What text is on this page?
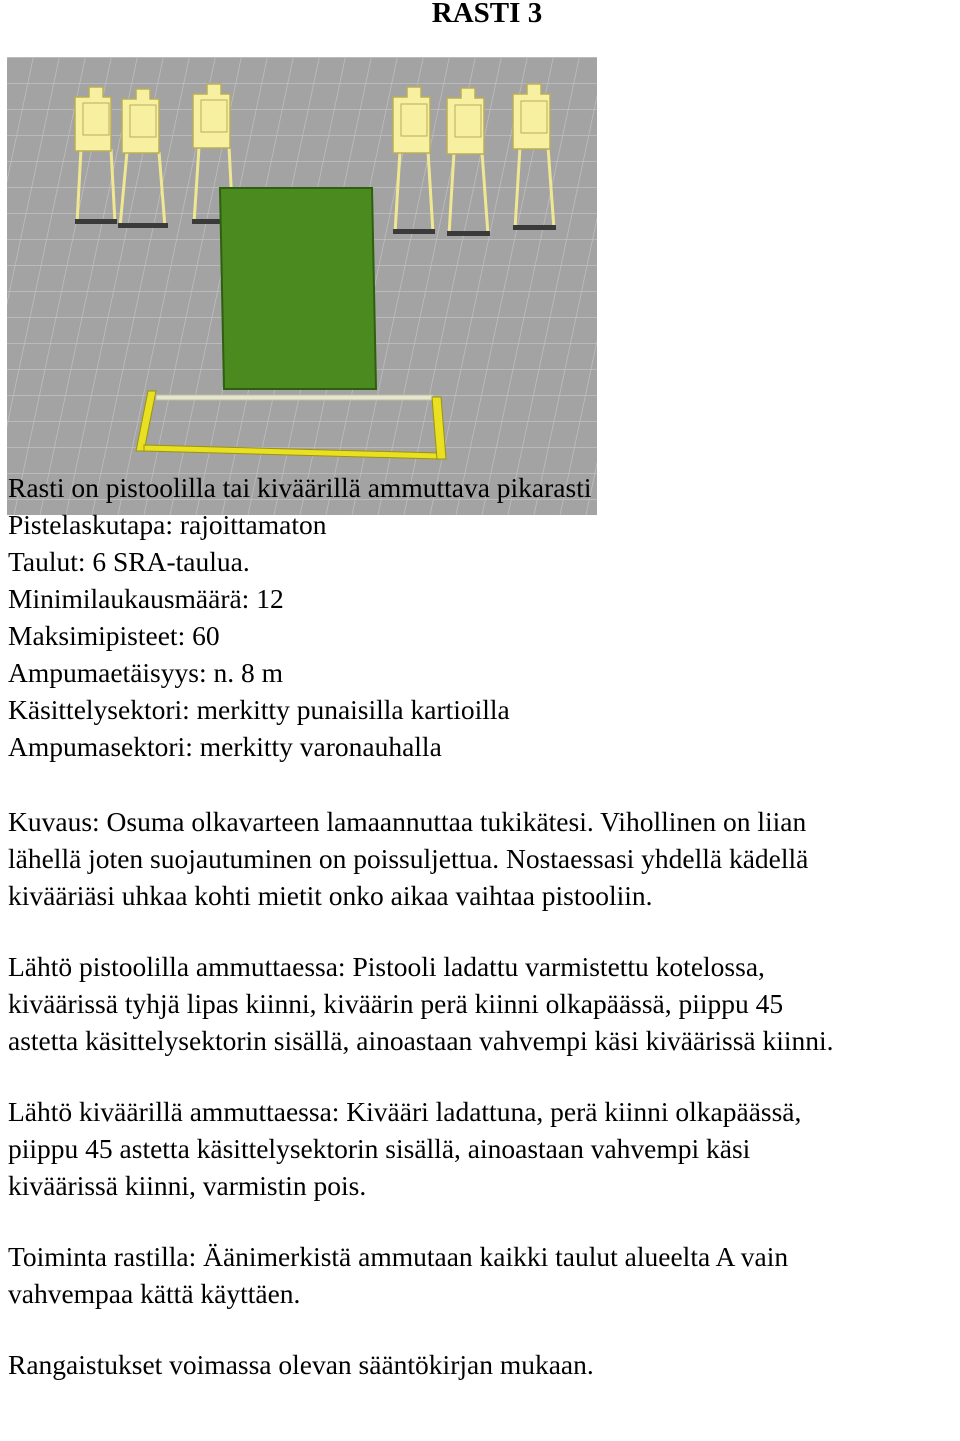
RASTI 3
Rasti on pistoolilla tai kiväärillä ammuttava pikarasti
Pistelaskutapa: rajoittamaton
Taulut: 6 SRA-taulua.
Minimilaukausmäärä: 12
Maksimipisteet: 60
Ampumaetäisyys: n. 8 m
Käsittelysektori: merkitty punaisilla kartioilla
Ampumasektori: merkitty varonauhalla
Kuvaus: Osuma olkavarteen lamaannuttaa tukikätesi. Vihollinen on liian
lähellä joten suojautuminen on poissuljettua. Nostaessasi yhdellä kädellä
kivääriäsi uhkaa kohti mietit onko aikaa vaihtaa pistooliin.
Lähtö pistoolilla ammuttaessa: Pistooli ladattu varmistettu kotelossa,
kiväärissä tyhjä lipas kiinni, kiväärin perä kiinni olkapäässä, piippu 45
astetta käsittelysektorin sisällä, ainoastaan vahvempi käsi kiväärissä kiinni.
Lähtö kiväärillä ammuttaessa: Kivääri ladattuna, perä kiinni olkapäässä,
piippu 45 astetta käsittelysektorin sisällä, ainoastaan vahvempi käsi
kiväärissä kiinni, varmistin pois.
Toiminta rastilla: Äänimerkistä ammutaan kaikki taulut alueelta A vain
vahvempaa kättä käyttäen.
Rangaistukset voimassa olevan sääntökirjan mukaan.
